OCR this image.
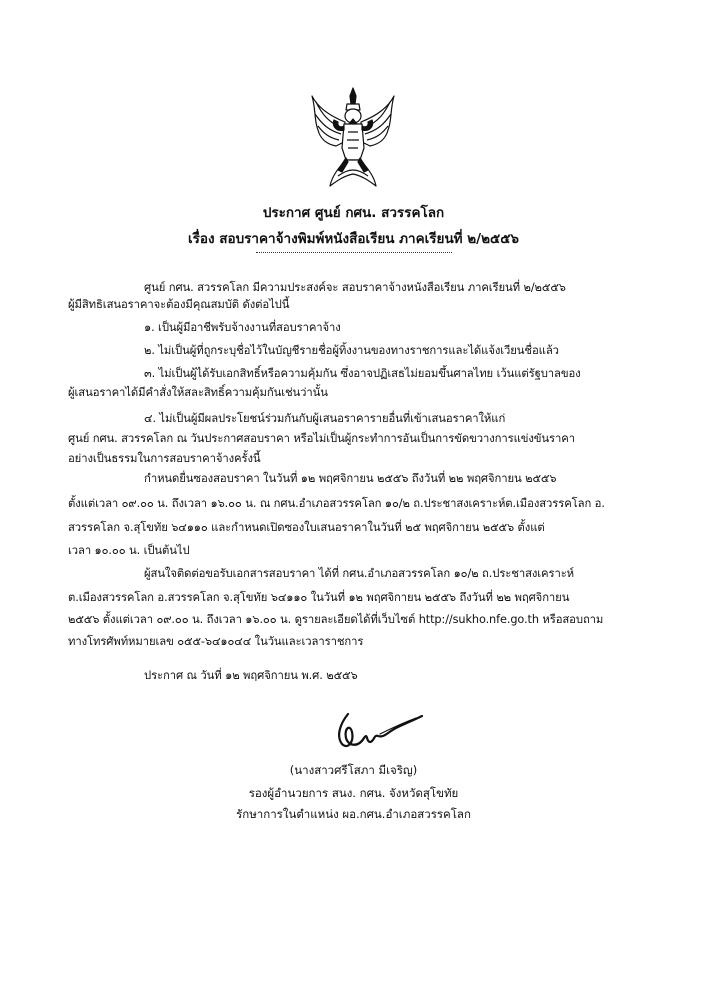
ประกาศ ศูนย์ กศน. สวรรคโลก
เรื่อง สอบราคาจ้างพิมพ์หนังสือเรียน ภาคเรียนที่ ๒/๒๕๕๖
ศูนย์ กศน. สวรรคโลก มีความประสงค์จะ สอบราคาจ้างหนังสือเรียน ภาคเรียนที่ ๒/๒๕๕๖
ผู้มีสิทธิเสนอราคาจะต้องมีคุณสมบัติ ดังต่อไปนี้
๑. เป็นผู้มีอาชีพรับจ้างงานที่สอบราคาจ้าง
๒. ไม่เป็นผู้ที่ถูกระบุชื่อไว้ในบัญชีรายชื่อผู้ทิ้งงานของทางราชการและได้แจ้งเวียนชื่อแล้ว
๓. ไม่เป็นผู้ได้รับเอกสิทธิ์หรือความคุ้มกัน ซึ่งอาจปฏิเสธไม่ยอมขึ้นศาลไทย เว้นแต่รัฐบาลของ
ผู้เสนอราคาได้มีคำสั่งให้สละสิทธิ์ความคุ้มกันเช่นว่านั้น
๔. ไม่เป็นผู้มีผลประโยชน์ร่วมกันกับผู้เสนอราคารายอื่นที่เข้าเสนอราคาให้แก่
ศูนย์ กศน. สวรรคโลก ณ วันประกาศสอบราคา หรือไม่เป็นผู้กระทำการอันเป็นการขัดขวางการแข่งขันราคา
อย่างเป็นธรรมในการสอบราคาจ้างครั้งนี้
กำหนดยื่นซองสอบราคา ในวันที่ ๑๒ พฤศจิกายน ๒๕๕๖ ถึงวันที่ ๒๒ พฤศจิกายน ๒๕๕๖
ตั้งแต่เวลา ๐๙.๐๐ น. ถึงเวลา ๑๖.๐๐ น. ณ กศน.อำเภอสวรรคโลก ๑๐/๒ ถ.ประชาสงเคราะห์ต.เมืองสวรรคโลก อ.
สวรรคโลก จ.สุโขทัย ๖๔๑๑๐ และกำหนดเปิดซองใบเสนอราคาในวันที่ ๒๕ พฤศจิกายน ๒๕๕๖ ตั้งแต่
เวลา ๑๐.๐๐ น. เป็นต้นไป
ผู้สนใจติดต่อขอรับเอกสารสอบราคา ได้ที่ กศน.อำเภอสวรรคโลก ๑๐/๒ ถ.ประชาสงเคราะห์
ต.เมืองสวรรคโลก อ.สวรรคโลก จ.สุโขทัย ๖๔๑๑๐ ในวันที่ ๑๒ พฤศจิกายน ๒๕๕๖ ถึงวันที่ ๒๒ พฤศจิกายน
๒๕๕๖ ตั้งแต่เวลา ๐๙.๐๐ น. ถึงเวลา ๑๖.๐๐ น. ดูรายละเอียดได้ที่เว็บไซต์ http://sukho.nfe.go.th หรือสอบถาม
ทางโทรศัพท์หมายเลข ๐๕๕-๖๔๑๐๔๔ ในวันและเวลาราชการ
ประกาศ ณ วันที่ ๑๒ พฤศจิกายน พ.ศ. ๒๕๕๖
(นางสาวศรีโสภา มีเจริญ)
รองผู้อำนวยการ สนง. กศน. จังหวัดสุโขทัย
รักษาการในตำแหน่ง ผอ.กศน.อำเภอสวรรคโลก
